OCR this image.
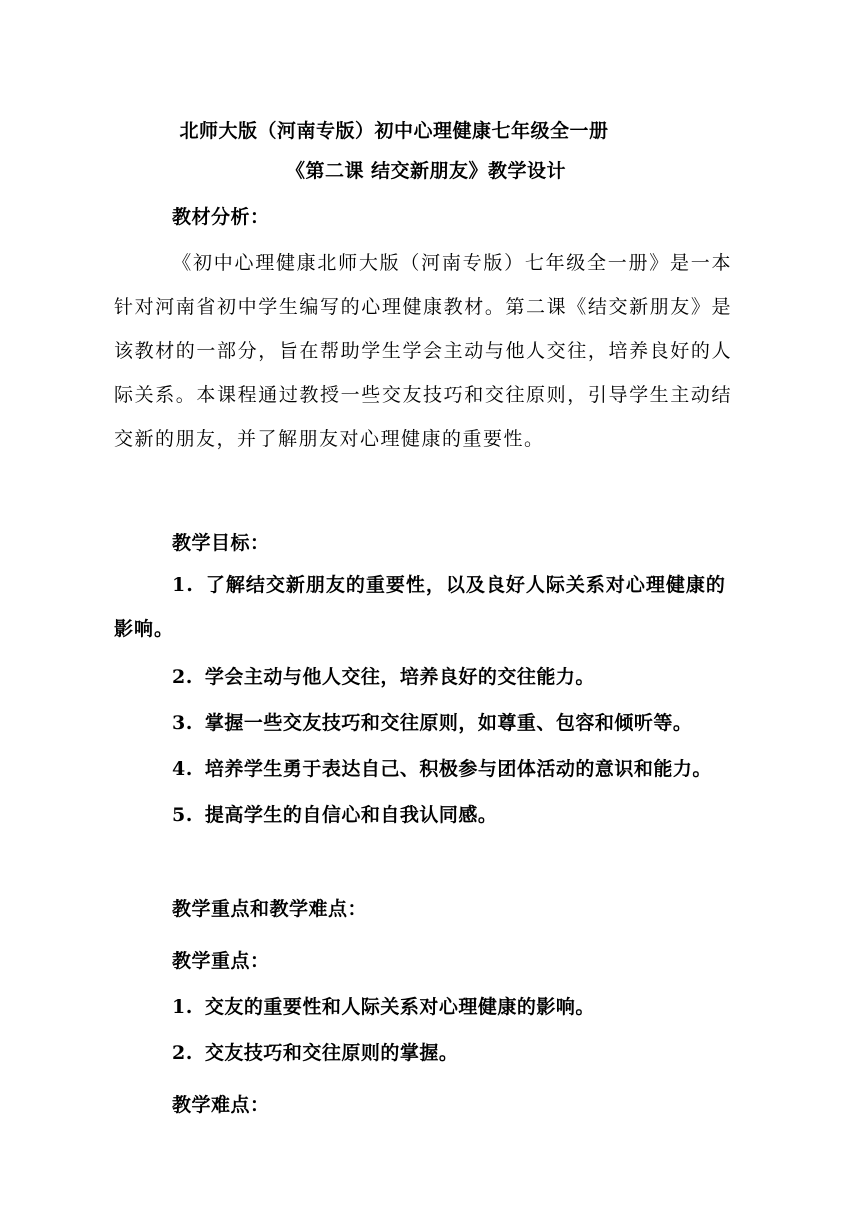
北师大版（河南专版）初中心理健康七年级全一册
《第二课 结交新朋友》教学设计
教材分析：
《初中心理健康北师大版（河南专版）七年级全一册》是一本针对河南省初中学生编写的心理健康教材。第二课《结交新朋友》是该教材的一部分，旨在帮助学生学会主动与他人交往，培养良好的人际关系。本课程通过教授一些交友技巧和交往原则，引导学生主动结交新的朋友，并了解朋友对心理健康的重要性。
教学目标：
1. 了解结交新朋友的重要性，以及良好人际关系对心理健康的影响。
2. 学会主动与他人交往，培养良好的交往能力。
3. 掌握一些交友技巧和交往原则，如尊重、包容和倾听等。
4. 培养学生勇于表达自己、积极参与团体活动的意识和能力。
5. 提高学生的自信心和自我认同感。
教学重点和教学难点：
教学重点：
1. 交友的重要性和人际关系对心理健康的影响。
2. 交友技巧和交往原则的掌握。
教学难点：
